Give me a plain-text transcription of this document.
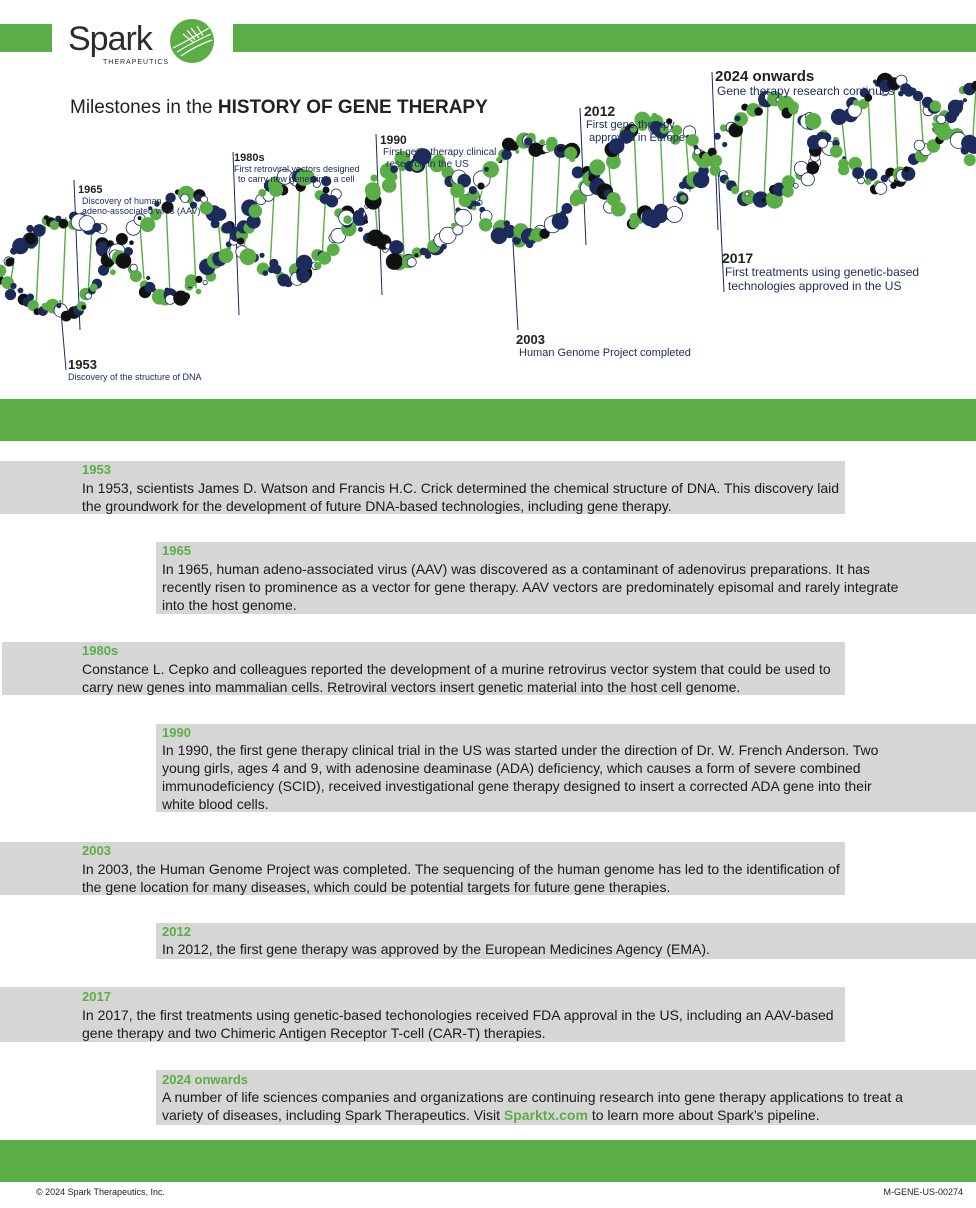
Spark
THERAPEUTICS
Milestones in the HISTORY OF GENE THERAPY
1953
Discovery of the structure of DNA
1965
Discovery of human
adeno-associated virus (AAV)
1980s
First retroviral vectors designed
to carry new genes into a cell
1990
First gene therapy clinical
research in the US
2003
Human Genome Project completed
2012
First gene therapy
approved in Europe
2017
First treatments using genetic-based
technologies approved in the US
2024 onwards
Gene therapy research continues
1953
In 1953, scientists James D. Watson and Francis H.C. Crick determined the chemical structure of DNA. This discovery laid the groundwork for the development of future DNA-based technologies, including gene therapy.
1965
In 1965, human adeno-associated virus (AAV) was discovered as a contaminant of adenovirus preparations. It has recently risen to prominence as a vector for gene therapy. AAV vectors are predominately episomal and rarely integrate into the host genome.
1980s
Constance L. Cepko and colleagues reported the development of a murine retrovirus vector system that could be used to carry new genes into mammalian cells. Retroviral vectors insert genetic material into the host cell genome.
1990
In 1990, the first gene therapy clinical trial in the US was started under the direction of Dr. W. French Anderson. Two young girls, ages 4 and 9, with adenosine deaminase (ADA) deficiency, which causes a form of severe combined immunodeficiency (SCID), received investigational gene therapy designed to insert a corrected ADA gene into their white blood cells.
2003
In 2003, the Human Genome Project was completed. The sequencing of the human genome has led to the identification of the gene location for many diseases, which could be potential targets for future gene therapies.
2012
In 2012, the first gene therapy was approved by the European Medicines Agency (EMA).
2017
In 2017, the first treatments using genetic-based techonologies received FDA approval in the US, including an AAV-based gene therapy and two Chimeric Antigen Receptor T-cell (CAR-T) therapies.
2024 onwards
A number of life sciences companies and organizations are continuing research into gene therapy applications to treat a variety of diseases, including Spark Therapeutics. Visit Sparktx.com to learn more about Spark’s pipeline.
© 2024 Spark Therapeutics, Inc.	M-GENE-US-00274
